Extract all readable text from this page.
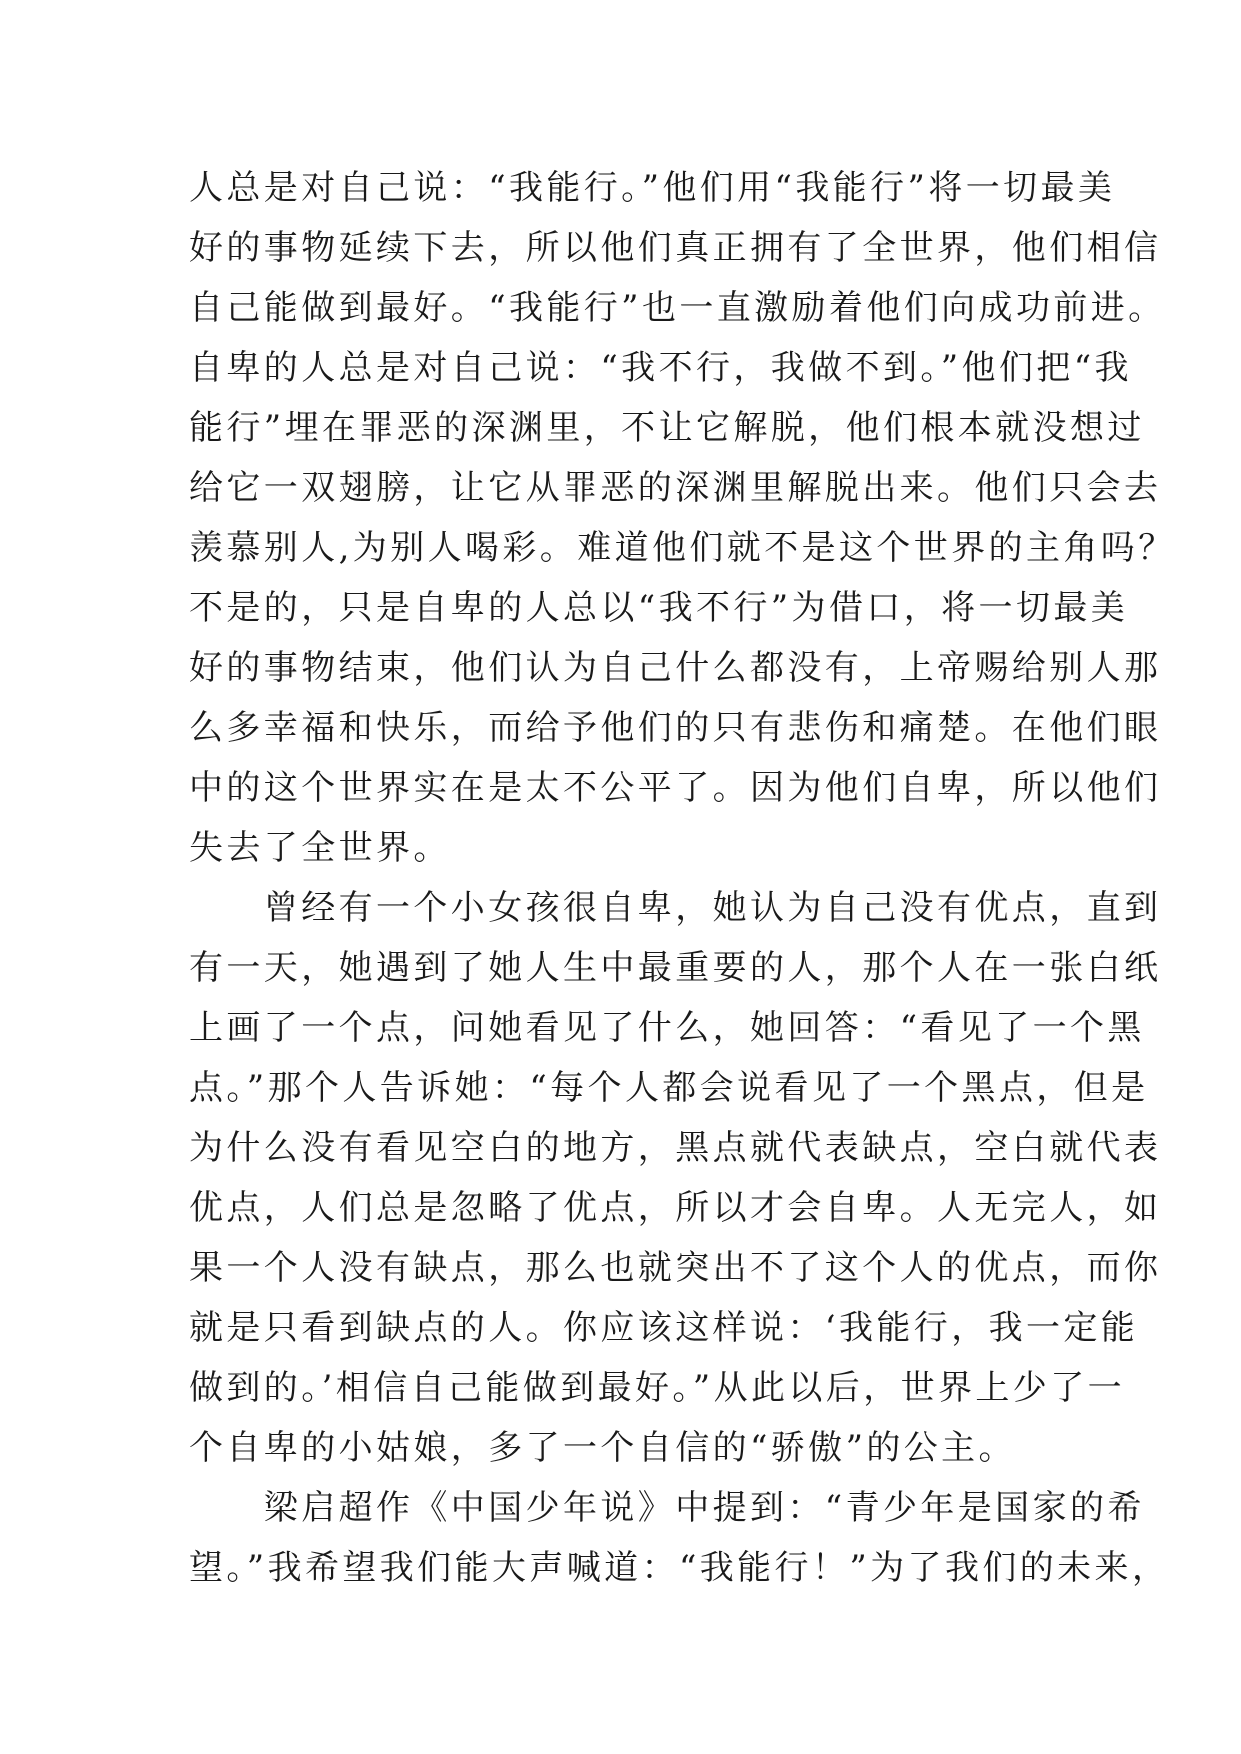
人总是对自己说：“我能行。”他们用“我能行”将一切最美
好的事物延续下去，所以他们真正拥有了全世界，他们相信
自己能做到最好。“我能行”也一直激励着他们向成功前进。
自卑的人总是对自己说：“我不行，我做不到。”他们把“我
能行”埋在罪恶的深渊里，不让它解脱，他们根本就没想过
给它一双翅膀，让它从罪恶的深渊里解脱出来。他们只会去
羡慕别人,为别人喝彩。难道他们就不是这个世界的主角吗？
不是的，只是自卑的人总以“我不行”为借口，将一切最美
好的事物结束，他们认为自己什么都没有，上帝赐给别人那
么多幸福和快乐，而给予他们的只有悲伤和痛楚。在他们眼
中的这个世界实在是太不公平了。因为他们自卑，所以他们
失去了全世界。
　　曾经有一个小女孩很自卑，她认为自己没有优点，直到
有一天，她遇到了她人生中最重要的人，那个人在一张白纸
上画了一个点，问她看见了什么，她回答：“看见了一个黑
点。”那个人告诉她：“每个人都会说看见了一个黑点，但是
为什么没有看见空白的地方，黑点就代表缺点，空白就代表
优点，人们总是忽略了优点，所以才会自卑。人无完人，如
果一个人没有缺点，那么也就突出不了这个人的优点，而你
就是只看到缺点的人。你应该这样说：‘我能行，我一定能
做到的。’相信自己能做到最好。”从此以后，世界上少了一
个自卑的小姑娘，多了一个自信的“骄傲”的公主。
　　梁启超作《中国少年说》中提到：“青少年是国家的希
望。”我希望我们能大声喊道：“我能行！”为了我们的未来，
